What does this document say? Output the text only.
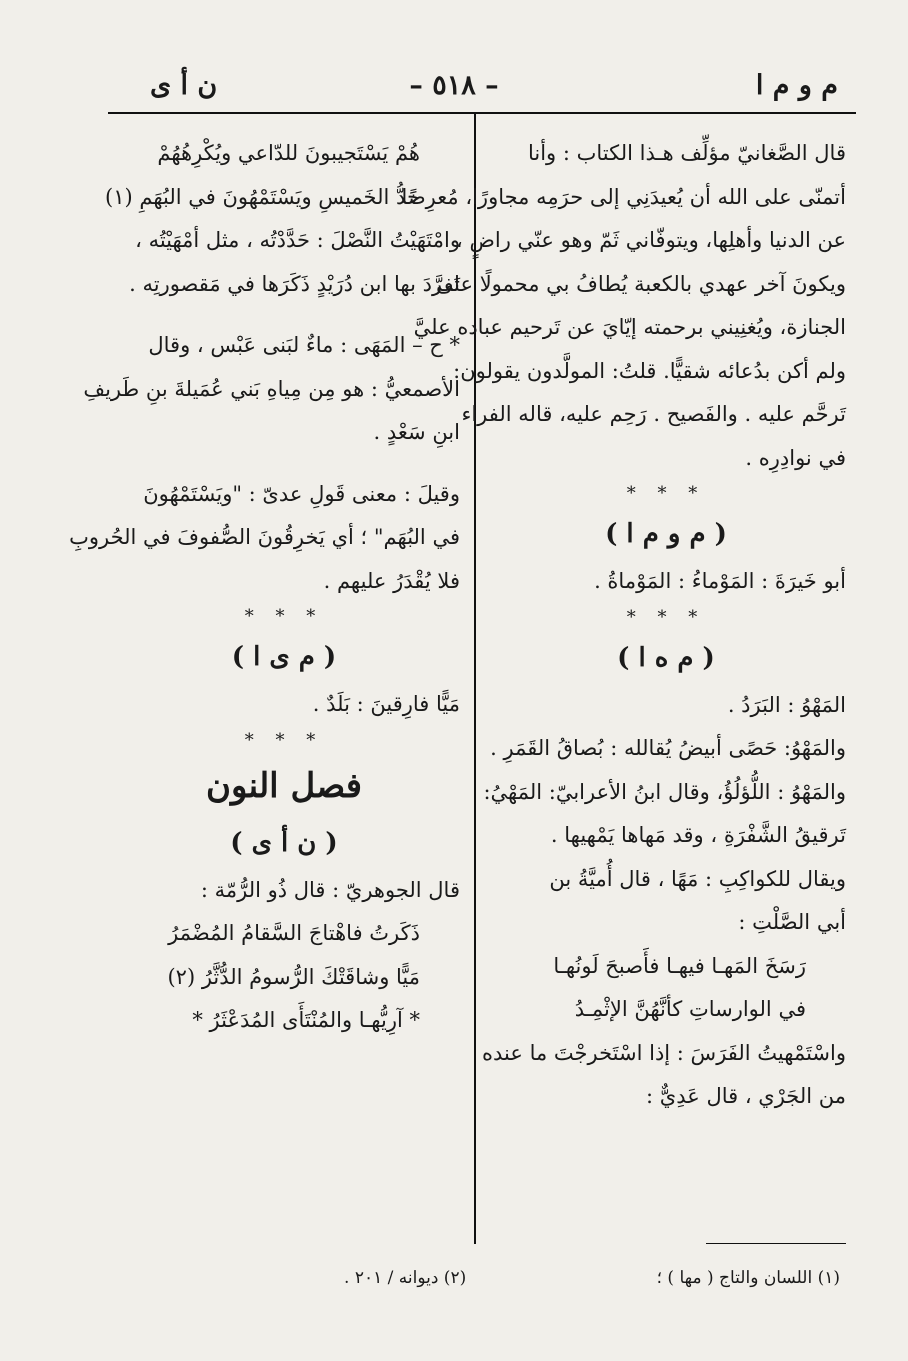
م و م ا
– ٥١٨ –
ن أ ى
قال الصَّغانيّ مؤلِّف هـذا الكتاب : وأنا
أتمنّى على الله أن يُعيدَنِي إلى حرَمِه مجاورًا، مُعرِضًا
عن الدنيا وأهلِها، ويتوفّاني ثَمّ وهو عنّي راضٍ ،
ويكونَ آخر عهدي بالكعبة يُطافُ بي محمولًا على
الجنازة، ويُغنِيني برحمته إيّايَ عن تَرحيم عباده عليَّ
ولم أكن بدُعائه شقيًّا. قلتُ: المولَّدون يقولون:
تَرحَّم عليه . والفَصيح . رَحِم عليه، قاله الفراء
في نوادِرِه .
* * *
( م و م ا )
أبو خَيرَةَ : المَوْماءُ : المَوْماةُ .
* * *
( م ه ا )
المَهْوُ : البَرَدُ .
والمَهْوُ: حَصًى أبيضُ يُقالله : بُصاقُ القَمَرِ .
والمَهْوُ : اللُّؤلُؤُ، وقال ابنُ الأعرابيّ: المَهْيُ:
تَرقيقُ الشَّفْرَةِ ، وقد مَهاها يَمْهيها .
ويقال للكواكِبِ : مَهًا ، قال أُميَّةُ بن
أبي الصَّلْتِ :
رَسَخَ المَهـا فيهـا فأَصبحَ لَونُهـا
في الوارساتِ كأنَّهُنَّ الإثْمِـدُ
واسْتَمْهيتُ الفَرَسَ : إذا اسْتَخرجْتَ ما عنده
من الجَرْي ، قال عَدِيٌّ :
هُمْ يَسْتَجيبونَ للدّاعي ويُكْرِهُهُمْ
حَدُّ الخَميسِ ويَسْتَمْهُونَ في البُهَمِ (١)
وامْتَهَيْتُ النَّصْلَ : حَدَّدْتُه ، مثل أمْهَيْتُه ،
تَفرَّدَ بها ابن دُرَيْدٍ ذَكَرَها في مَقصورتِه .
* ح – المَهَى : ماءٌ لبَنى عَبْس ، وقال
الأصمعيُّ : هو مِن مِياهِ بَني عُمَيلةَ بنِ طَريفِ
ابنِ سَعْدٍ .
وقيلَ : معنى قَولِ عدىّ : "ويَسْتَمْهُونَ
في البُهَم" ؛ أي يَخرِقُونَ الصُّفوفَ في الحُروبِ
فلا يُقْدَرُ عليهم .
* * *
( م ى ا )
مَيًّا فارِقينَ : بَلَدٌ .
* * *
فصل النون
( ن أ ى )
قال الجوهريّ : قال ذُو الرُّمّة :
ذَكَرتُ فاهْتاجَ السَّقامُ المُضْمَرُ
مَيًّا وشاقَتْكَ الرُّسومُ الدُّثَّرُ (٢)
* آرِيُّهـا والمُنْتَأَى المُدَعْثَرُ *
(١) اللسان والتاج ( مها ) ؛
(٢) ديوانه / ٢٠١ .
